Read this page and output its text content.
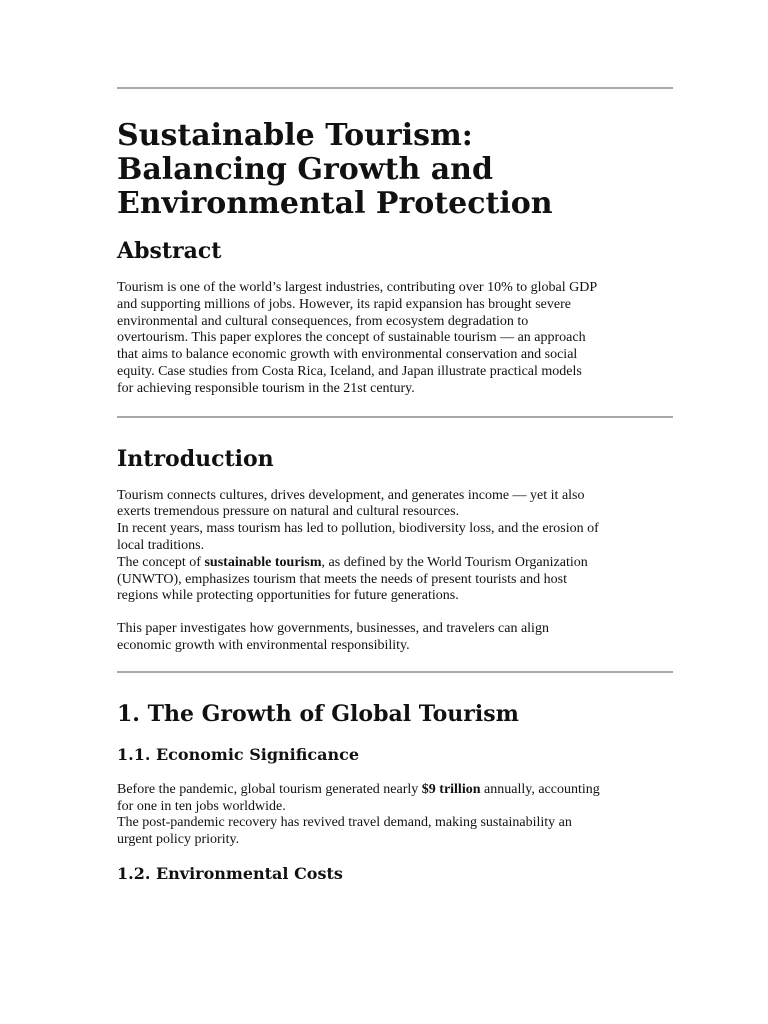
Sustainable Tourism:
Balancing Growth and
Environmental Protection
Abstract

Tourism is one of the world’s largest industries, contributing over 10% to global GDP
and supporting millions of jobs. However, its rapid expansion has brought severe
environmental and cultural consequences, from ecosystem degradation to
overtourism. This paper explores the concept of sustainable tourism — an approach
that aims to balance economic growth with environmental conservation and social
equity. Case studies from Costa Rica, Iceland, and Japan illustrate practical models
for achieving responsible tourism in the 21st century.

Introduction

Tourism connects cultures, drives development, and generates income — yet it also
exerts tremendous pressure on natural and cultural resources.
In recent years, mass tourism has led to pollution, biodiversity loss, and the erosion of
local traditions.
The concept of sustainable tourism, as defined by the World Tourism Organization
(UNWTO), emphasizes tourism that meets the needs of present tourists and host
regions while protecting opportunities for future generations.

This paper investigates how governments, businesses, and travelers can align
economic growth with environmental responsibility.

1. The Growth of Global Tourism
1.1. Economic Significance

Before the pandemic, global tourism generated nearly $9 trillion annually, accounting
for one in ten jobs worldwide.
The post-pandemic recovery has revived travel demand, making sustainability an
urgent policy priority.

1.2. Environmental Costs
